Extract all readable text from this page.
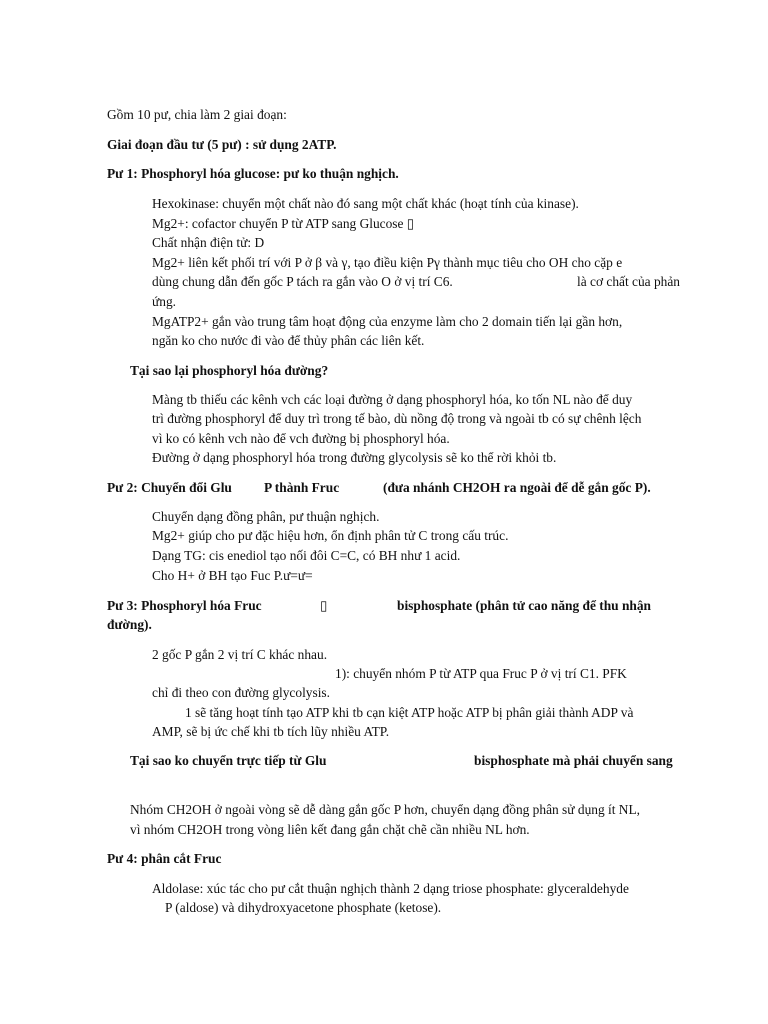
Gồm 10 pư, chia làm 2 giai đoạn:
Giai đoạn đầu tư (5 pư) : sử dụng 2ATP.
Pư 1: Phosphoryl hóa glucose: pư ko thuận nghịch.
Hexokinase: chuyển một chất nào đó sang một chất khác (hoạt tính của kinase).
Mg2+: cofactor chuyển P từ ATP sang Glucose ▯
Chất nhận điện tử: D
Mg2+ liên kết phối trí với P ở β và γ, tạo điều kiện Pγ thành mục tiêu cho OH cho cặp e
dùng chung dẫn đến gốc P tách ra gắn vào O ở vị trí C6.	là cơ chất của phản
ứng.
MgATP2+ gắn vào trung tâm hoạt động của enzyme làm cho 2 domain tiến lại gần hơn,
ngăn ko cho nước đi vào để thủy phân các liên kết.
Tại sao lại phosphoryl hóa đường?
Màng tb thiếu các kênh vch các loại đường ở dạng phosphoryl hóa, ko tốn NL nào để duy
trì đường phosphoryl để duy trì trong tế bào, dù nồng độ trong và ngoài tb có sự chênh lệch
vì ko có kênh vch nào để vch đường bị phosphoryl hóa.
Đường ở dạng phosphoryl hóa trong đường glycolysis sẽ ko thể rời khỏi tb.
Pư 2: Chuyển đổi Glu P thành Fruc	(đưa nhánh CH2OH ra ngoài để dễ gắn gốc P).
Chuyển dạng đồng phân, pư thuận nghịch.
Mg2+ giúp cho pư đặc hiệu hơn, ổn định phân tử C trong cấu trúc.
Dạng TG: cis enediol tạo nối đôi C=C, có BH như 1 acid.
Cho H+ ở BH tạo Fuc P.ư=ư=
Pư 3: Phosphoryl hóa Fruc	▯	bisphosphate (phân tử cao năng để thu nhận
đường).
2 gốc P gắn 2 vị trí C khác nhau.
1): chuyển nhóm P từ ATP qua Fruc P ở vị trí C1. PFK
chỉ đi theo con đường glycolysis.
1 sẽ tăng hoạt tính tạo ATP khi tb cạn kiệt ATP hoặc ATP bị phân giải thành ADP và
AMP, sẽ bị ức chế khi tb tích lũy nhiều ATP.
Tại sao ko chuyển trực tiếp từ Glu	bisphosphate mà phải chuyển sang
Nhóm CH2OH ở ngoài vòng sẽ dễ dàng gắn gốc P hơn, chuyển dạng đồng phân sử dụng ít NL,
vì nhóm CH2OH trong vòng liên kết đang gắn chặt chẽ cần nhiều NL hơn.
Pư 4: phân cắt Fruc
Aldolase: xúc tác cho pư cắt thuận nghịch thành 2 dạng triose phosphate: glyceraldehyde
P (aldose) và dihydroxyacetone phosphate (ketose).
